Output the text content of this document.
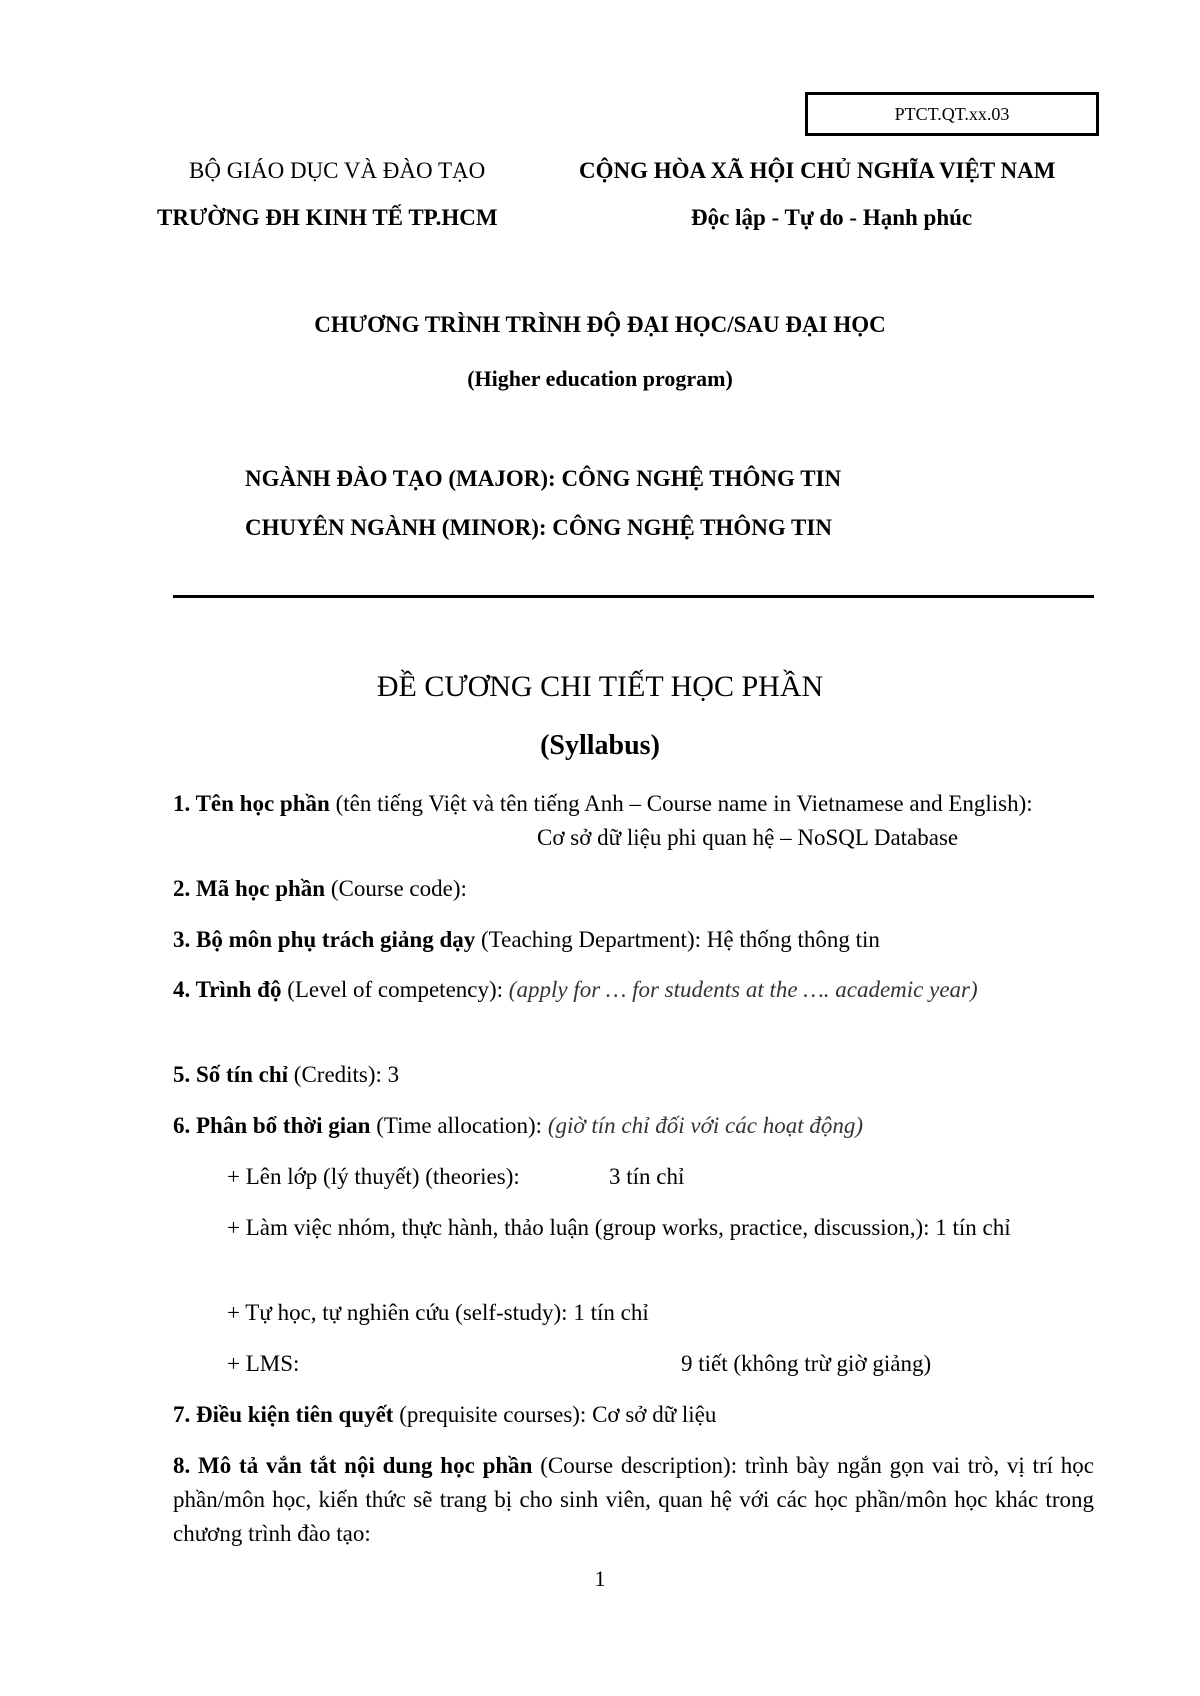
PTCT.QT.xx.03
BỘ GIÁO DỤC VÀ ĐÀO TẠO
TRƯỜNG ĐH KINH TẾ TP.HCM
CỘNG HÒA XÃ HỘI CHỦ NGHĨA VIỆT NAM
Độc lập - Tự do - Hạnh phúc
CHƯƠNG TRÌNH TRÌNH ĐỘ ĐẠI HỌC/SAU ĐẠI HỌC
(Higher education program)
NGÀNH ĐÀO TẠO (MAJOR): CÔNG NGHỆ THÔNG TIN
CHUYÊN NGÀNH (MINOR): CÔNG NGHỆ THÔNG TIN
ĐỀ CƯƠNG CHI TIẾT HỌC PHẦN
(Syllabus)
1. Tên học phần (tên tiếng Việt và tên tiếng Anh – Course name in Vietnamese and English):
Cơ sở dữ liệu phi quan hệ – NoSQL Database
2. Mã học phần (Course code):
3. Bộ môn phụ trách giảng dạy (Teaching Department): Hệ thống thông tin
4. Trình độ (Level of competency): (apply for … for students at the …. academic year)
5. Số tín chỉ (Credits): 3
6. Phân bổ thời gian (Time allocation): (giờ tín chỉ đối với các hoạt động)
+ Lên lớp (lý thuyết) (theories):	3 tín chỉ
+ Làm việc nhóm, thực hành, thảo luận (group works, practice, discussion,): 1 tín chỉ
+ Tự học, tự nghiên cứu (self-study): 1 tín chỉ
+ LMS:	9 tiết (không trừ giờ giảng)
7. Điều kiện tiên quyết (prequisite courses): Cơ sở dữ liệu
8. Mô tả vắn tắt nội dung học phần (Course description): trình bày ngắn gọn vai trò, vị trí học phần/môn học, kiến thức sẽ trang bị cho sinh viên, quan hệ với các học phần/môn học khác trong chương trình đào tạo:
1
